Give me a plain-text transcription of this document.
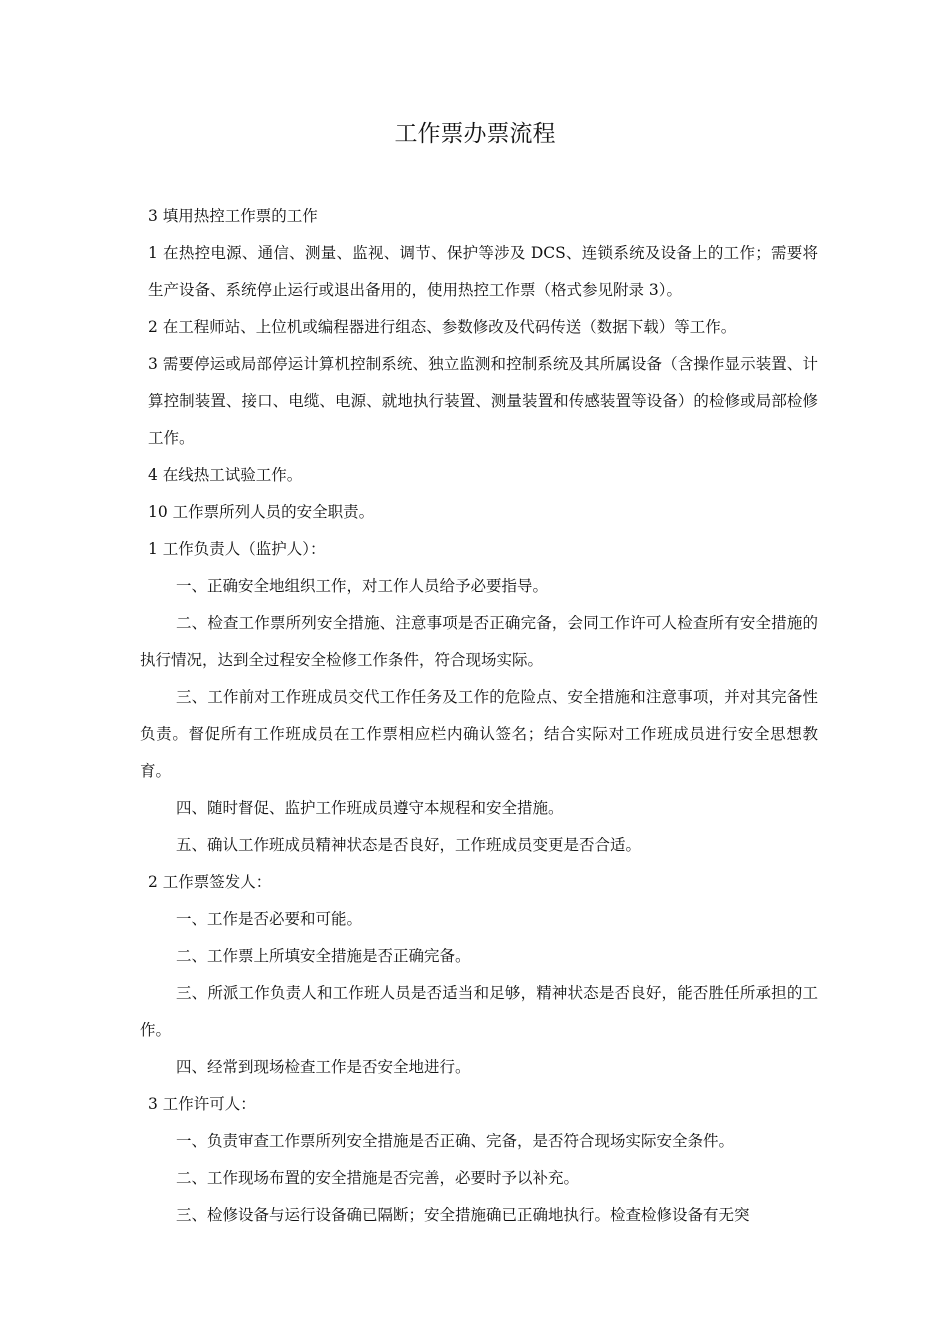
工作票办票流程

3 填用热控工作票的工作

1 在热控电源、通信、测量、监视、调节、保护等涉及 DCS、连锁系统及设备上的工作；需要将生产设备、系统停止运行或退出备用的，使用热控工作票（格式参见附录 3）。

2 在工程师站、上位机或编程器进行组态、参数修改及代码传送（数据下载）等工作。

3 需要停运或局部停运计算机控制系统、独立监测和控制系统及其所属设备（含操作显示装置、计算控制装置、接口、电缆、电源、就地执行装置、测量装置和传感装置等设备）的检修或局部检修工作。

4 在线热工试验工作。

10 工作票所列人员的安全职责。

1 工作负责人（监护人）：

一、正确安全地组织工作，对工作人员给予必要指导。

二、检查工作票所列安全措施、注意事项是否正确完备，会同工作许可人检查所有安全措施的执行情况，达到全过程安全检修工作条件，符合现场实际。

三、工作前对工作班成员交代工作任务及工作的危险点、安全措施和注意事项，并对其完备性负责。督促所有工作班成员在工作票相应栏内确认签名；结合实际对工作班成员进行安全思想教育。

四、随时督促、监护工作班成员遵守本规程和安全措施。

五、确认工作班成员精神状态是否良好，工作班成员变更是否合适。

2 工作票签发人：

一、工作是否必要和可能。

二、工作票上所填安全措施是否正确完备。

三、所派工作负责人和工作班人员是否适当和足够，精神状态是否良好，能否胜任所承担的工作。

四、经常到现场检查工作是否安全地进行。

3 工作许可人：

一、负责审查工作票所列安全措施是否正确、完备，是否符合现场实际安全条件。

二、工作现场布置的安全措施是否完善，必要时予以补充。

三、检修设备与运行设备确已隔断；安全措施确已正确地执行。检查检修设备有无突
